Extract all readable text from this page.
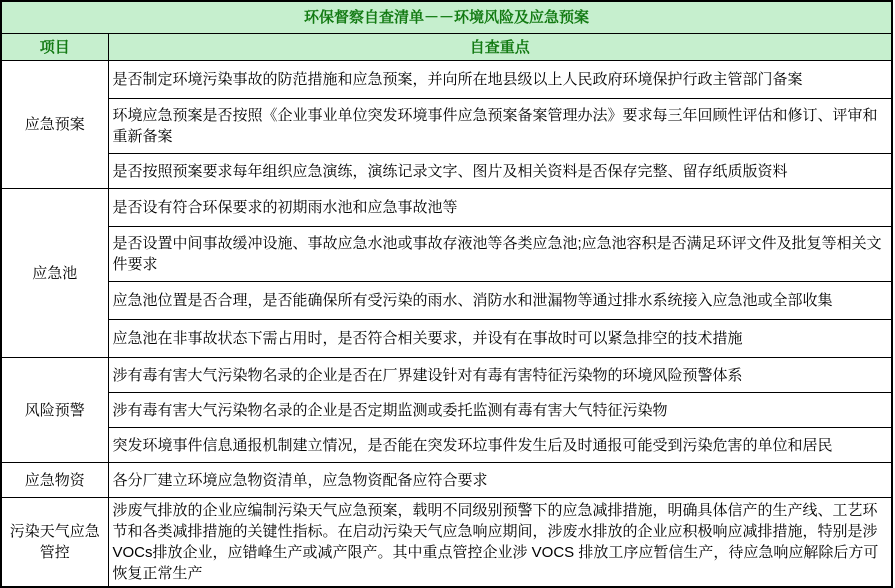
环保督察自查清单－－环境风险及应急预案	
项目	自查重点
应急预案	是否制定环境污染事故的防范措施和应急预案，并向所在地县级以上人民政府环境保护行政主管部门备案
	环境应急预案是否按照《企业事业单位突发环境事件应急预案备案管理办法》要求每三年回顾性评估和修订、评审和重新备案
	是否按照预案要求每年组织应急演练，演练记录文字、图片及相关资料是否保存完整、留存纸质版资料
应急池	是否设有符合环保要求的初期雨水池和应急事故池等
	是否设置中间事故缓冲设施、事故应急水池或事故存液池等各类应急池;应急池容积是否满足环评文件及批复等相关文件要求
	应急池位置是否合理，是否能确保所有受污染的雨水、消防水和泄漏物等通过排水系统接入应急池或全部收集
	应急池在非事故状态下需占用时，是否符合相关要求，并设有在事故时可以紧急排空的技术措施
风险预警	涉有毒有害大气污染物名录的企业是否在厂界建设针对有毒有害特征污染物的环境风险预警体系
	涉有毒有害大气污染物名录的企业是否定期监测或委托监测有毒有害大气特征污染物
	突发环境事件信息通报机制建立情况，是否能在突发环垃事件发生后及时通报可能受到污染危害的单位和居民
应急物资	各分厂建立环境应急物资清单，应急物资配备应符合要求
污染天气应急管控	涉废气排放的企业应编制污染天气应急预案，载明不同级别预警下的应急减排措施，明确具体信产的生产线、工艺环节和各类减排措施的关键性指标。在启动污染天气应急响应期间，涉废水排放的企业应积极响应减排措施，特别是涉VOCs排放企业，应错峰生产或减产限产。其中重点管控企业涉 VOCS 排放工序应暂信生产，待应急响应解除后方可恢复正常生产
